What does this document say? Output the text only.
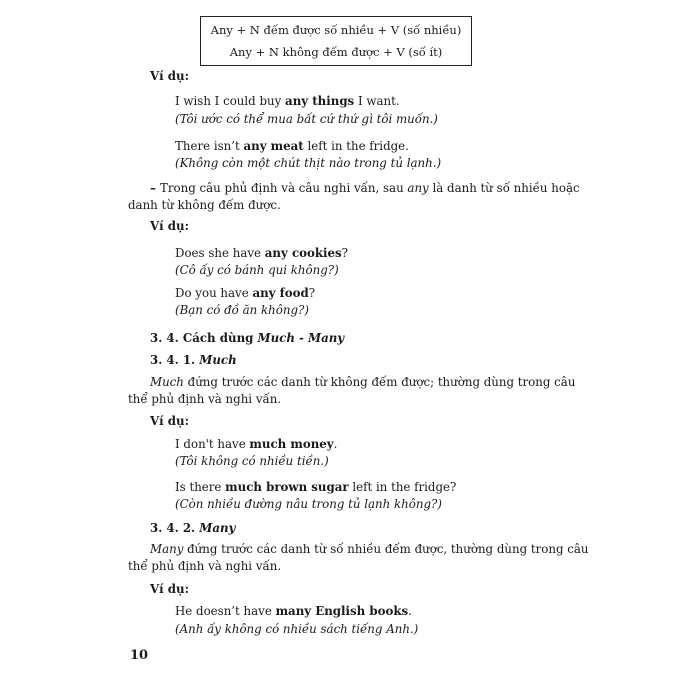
Any + N đếm được số nhiều + V (số nhiều)
Any + N không đếm được + V (số ít)
Ví dụ:
I wish I could buy any things I want.
(Tôi ước có thể mua bất cứ thứ gì tôi muốn.)
There isn’t any meat left in the fridge.
(Không còn một chút thịt nào trong tủ lạnh.)
– Trong câu phủ định và câu nghi vấn, sau any là danh từ số nhiều hoặc
danh từ không đếm được.
Ví dụ:
Does she have any cookies?
(Cô ấy có bánh qui không?)
Do you have any food?
(Bạn có đồ ăn không?)
3. 4. Cách dùng Much - Many
3. 4. 1. Much
Much đứng trước các danh từ không đếm được; thường dùng trong câu
thể phủ định và nghi vấn.
Ví dụ:
I don't have much money.
(Tôi không có nhiều tiền.)
Is there much brown sugar left in the fridge?
(Còn nhiều đường nâu trong tủ lạnh không?)
3. 4. 2. Many
Many đứng trước các danh từ số nhiều đếm được, thường dùng trong câu
thể phủ định và nghi vấn.
Ví dụ:
He doesn’t have many English books.
(Anh ấy không có nhiều sách tiếng Anh.)
10
